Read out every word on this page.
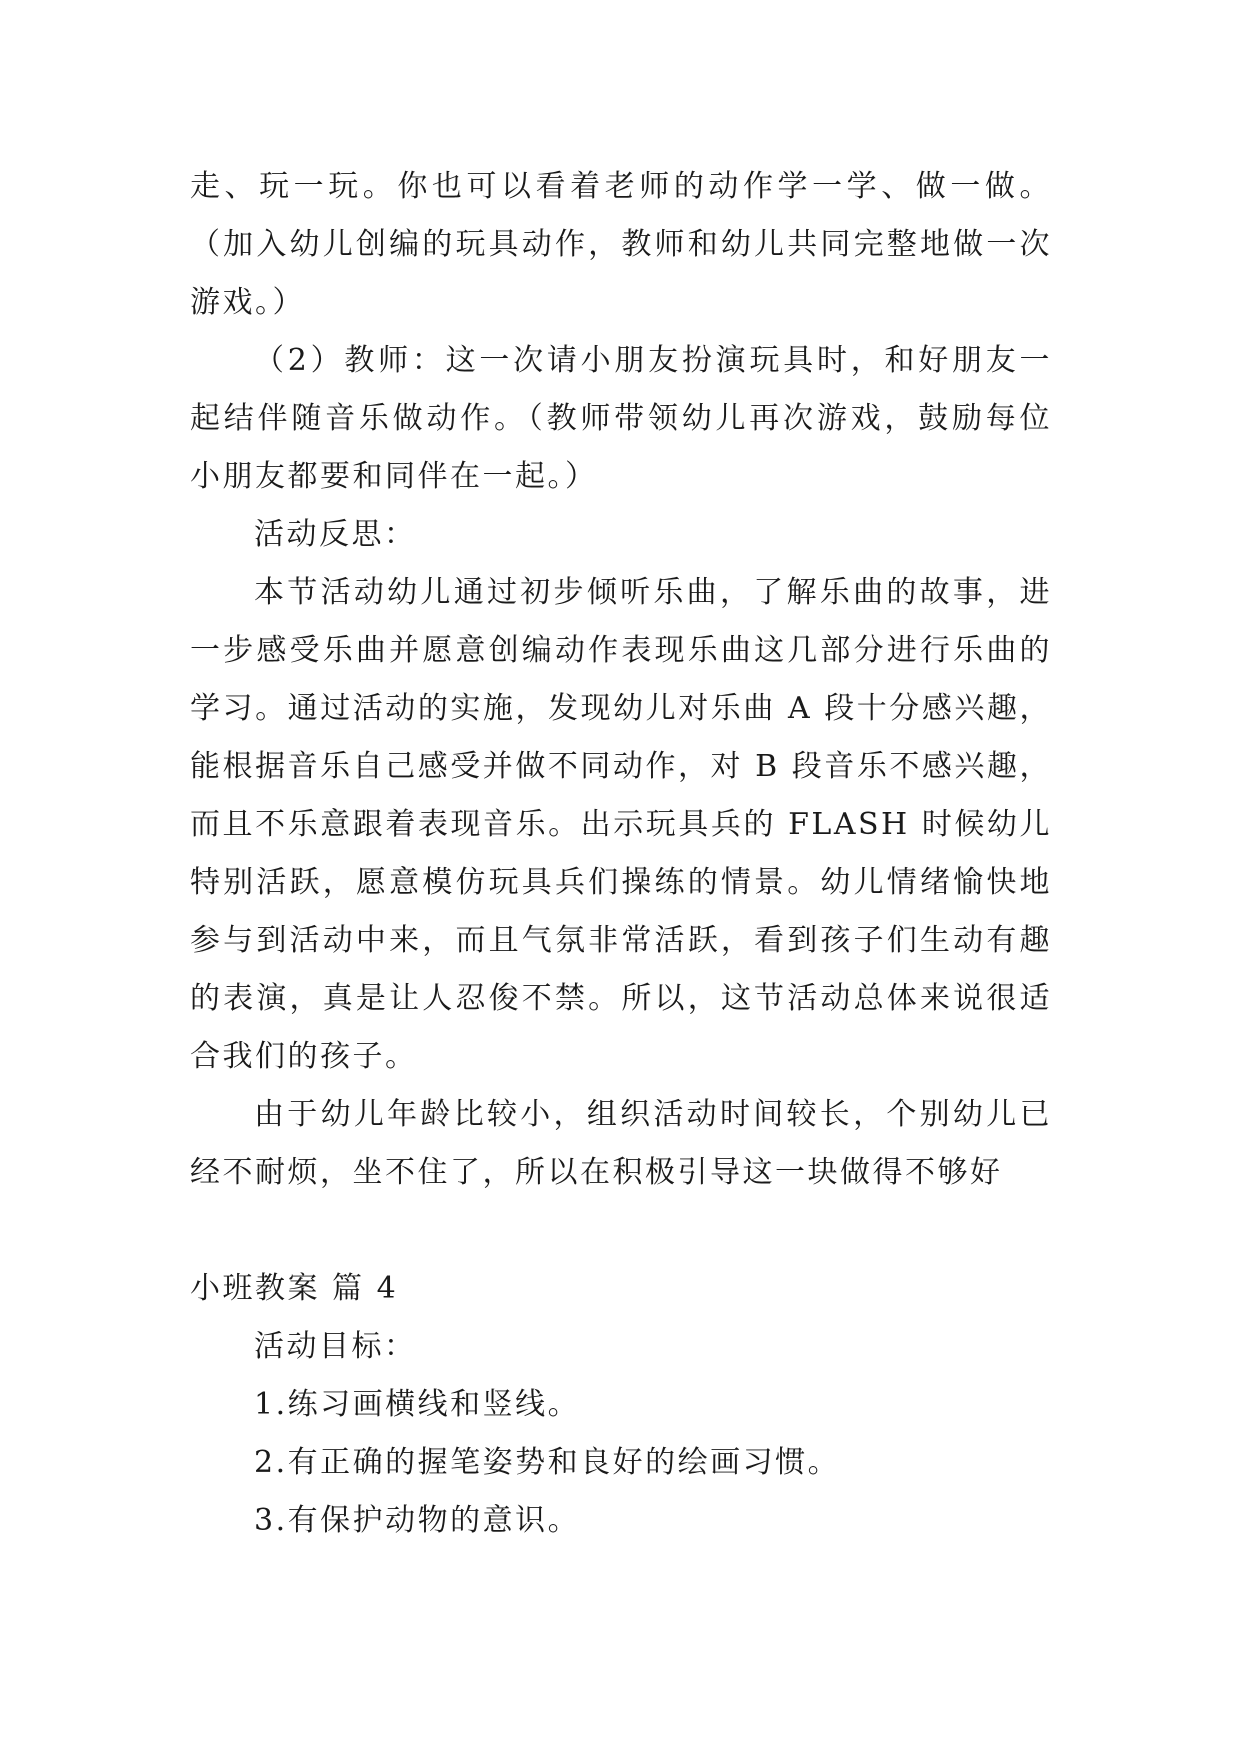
走、玩一玩。你也可以看着老师的动作学一学、做一做。（加入幼儿创编的玩具动作，教师和幼儿共同完整地做一次游戏。）

（2）教师：这一次请小朋友扮演玩具时，和好朋友一起结伴随音乐做动作。（教师带领幼儿再次游戏，鼓励每位小朋友都要和同伴在一起。）

活动反思：

本节活动幼儿通过初步倾听乐曲，了解乐曲的故事，进一步感受乐曲并愿意创编动作表现乐曲这几部分进行乐曲的学习。通过活动的实施，发现幼儿对乐曲 A 段十分感兴趣，能根据音乐自己感受并做不同动作，对 B 段音乐不感兴趣，而且不乐意跟着表现音乐。出示玩具兵的 FLASH 时候幼儿特别活跃，愿意模仿玩具兵们操练的情景。幼儿情绪愉快地参与到活动中来，而且气氛非常活跃，看到孩子们生动有趣的表演，真是让人忍俊不禁。所以，这节活动总体来说很适合我们的孩子。

由于幼儿年龄比较小，组织活动时间较长，个别幼儿已经不耐烦，坐不住了，所以在积极引导这一块做得不够好

小班教案 篇 4

活动目标：

1.练习画横线和竖线。

2.有正确的握笔姿势和良好的绘画习惯。

3.有保护动物的意识。
